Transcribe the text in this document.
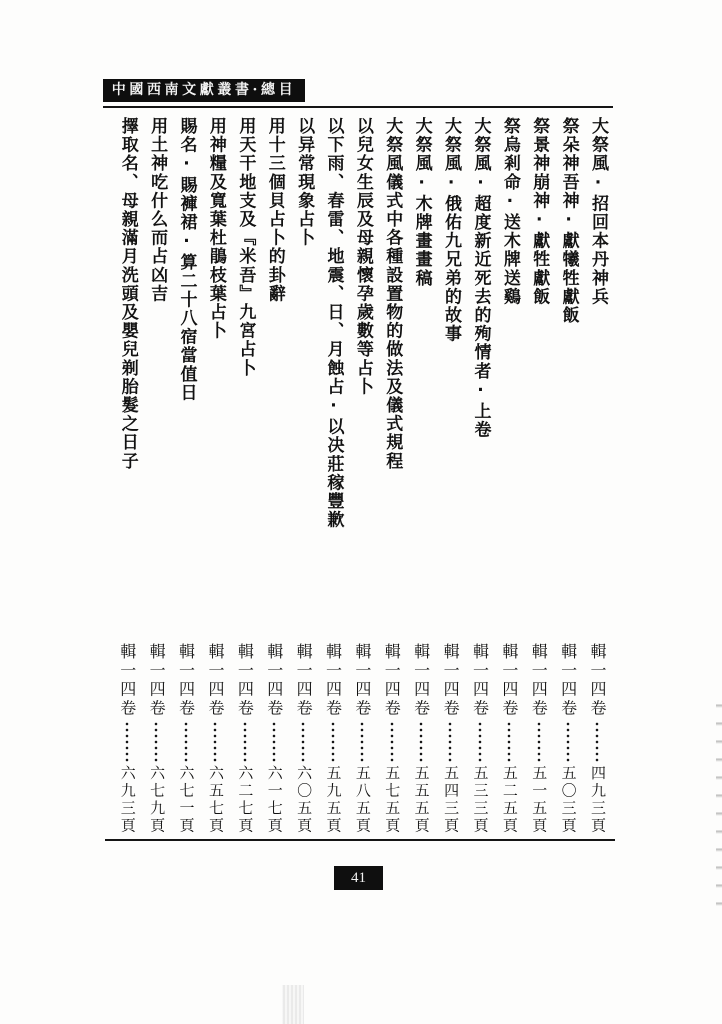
中國西南文獻叢書·總目
大祭風·招回本丹神兵
輯一四卷
四九三頁
祭朵神吾神·獻犧牲獻飯
輯一四卷
五〇三頁
祭景神崩神·獻牲獻飯
輯一四卷
五一五頁
祭烏剎命·送木牌送鷄
輯一四卷
五二五頁
大祭風·超度新近死去的殉情者·上卷
輯一四卷
五三三頁
大祭風·俄佑九兄弟的故事
輯一四卷
五四三頁
大祭風·木牌畫畫稿
輯一四卷
五五五頁
大祭風儀式中各種設置物的做法及儀式規程
輯一四卷
五七五頁
以兒女生辰及母親懷孕歲數等占卜
輯一四卷
五八五頁
以下雨、春雷、地震、日、月蝕占·以决莊稼豐歉
輯一四卷
五九五頁
以异常現象占卜
輯一四卷
六〇五頁
用十三個貝占卜的卦辭
輯一四卷
六一七頁
用天干地支及『米吾』九宮占卜
輯一四卷
六二七頁
用神糧及寬葉杜鵑枝葉占卜
輯一四卷
六五七頁
賜名·賜褲裙·算二十八宿當值日
輯一四卷
六七一頁
用土神吃什么而占凶吉
輯一四卷
六七九頁
擇取名、母親滿月洗頭及嬰兒剃胎髮之日子
輯一四卷
六九三頁
41
